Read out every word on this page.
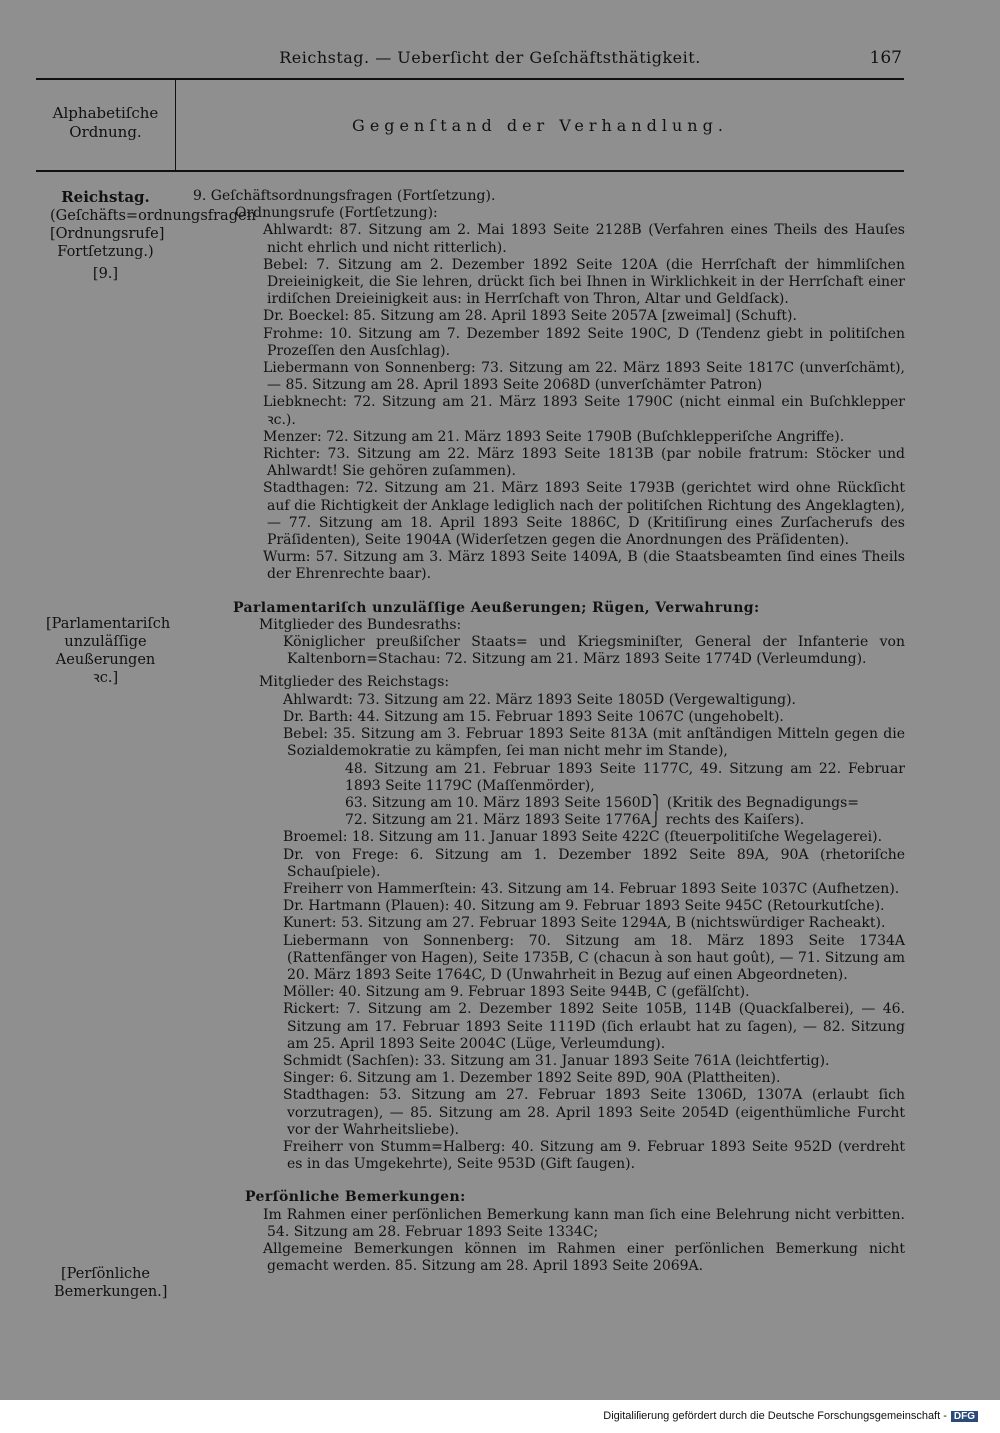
Reichstag. — Ueberſicht der Geſchäftsthätigkeit.	167
Alphabetiſche Ordnung.	Gegenſtand der Verhandlung.
Reichstag.
(Geſchäfts=ordnungsfragen [Ordnungsrufe] Fortſetzung.)
[9.]
[Parlamentariſch unzuläſſige Aeußerungen ꝛc.]
[Perſönliche Bemerkungen.]

9. Geſchäftsordnungsfragen (Fortſetzung).

Ordnungsrufe (Fortſetzung):

Ahlwardt: 87. Sitzung am 2. Mai 1893 Seite 2128B (Verfahren eines Theils des Hauſes nicht ehrlich und nicht ritterlich).

Bebel: 7. Sitzung am 2. Dezember 1892 Seite 120A (die Herrſchaft der himmliſchen Dreieinigkeit, die Sie lehren, drückt ſich bei Ihnen in Wirklichkeit in der Herrſchaft einer irdiſchen Dreieinigkeit aus: in Herrſchaft von Thron, Altar und Geldſack).

Dr. Boeckel: 85. Sitzung am 28. April 1893 Seite 2057A [zweimal] (Schuft).

Frohme: 10. Sitzung am 7. Dezember 1892 Seite 190C, D (Tendenz giebt in politiſchen Prozeſſen den Ausſchlag).

Liebermann von Sonnenberg: 73. Sitzung am 22. März 1893 Seite 1817C (unverſchämt), — 85. Sitzung am 28. April 1893 Seite 2068D (unverſchämter Patron)

Liebknecht: 72. Sitzung am 21. März 1893 Seite 1790C (nicht einmal ein Buſchklepper ꝛc.).

Menzer: 72. Sitzung am 21. März 1893 Seite 1790B (Buſchklepperiſche Angriffe).

Richter: 73. Sitzung am 22. März 1893 Seite 1813B (par nobile fratrum: Stöcker und Ahlwardt! Sie gehören zuſammen).

Stadthagen: 72. Sitzung am 21. März 1893 Seite 1793B (gerichtet wird ohne Rückſicht auf die Richtigkeit der Anklage lediglich nach der politiſchen Richtung des Angeklagten), — 77. Sitzung am 18. April 1893 Seite 1886C, D (Kritiſirung eines Zurſacherufs des Präſidenten), Seite 1904A (Widerſetzen gegen die Anordnungen des Präſidenten).

Wurm: 57. Sitzung am 3. März 1893 Seite 1409A, B (die Staatsbeamten ſind eines Theils der Ehrenrechte baar).

Parlamentariſch unzuläſſige Aeußerungen; Rügen, Verwahrung:

Mitglieder des Bundesraths:

Königlicher preußiſcher Staats= und Kriegsminiſter, General der Infanterie von Kaltenborn=Stachau: 72. Sitzung am 21. März 1893 Seite 1774D (Verleumdung).

Mitglieder des Reichstags:

Ahlwardt: 73. Sitzung am 22. März 1893 Seite 1805D (Vergewaltigung).

Dr. Barth: 44. Sitzung am 15. Februar 1893 Seite 1067C (ungehobelt).

Bebel: 35. Sitzung am 3. Februar 1893 Seite 813A (mit anſtändigen Mitteln gegen die Sozialdemokratie zu kämpfen, ſei man nicht mehr im Stande),

48. Sitzung am 21. Februar 1893 Seite 1177C, 49. Sitzung am 22. Februar 1893 Seite 1179C (Maſſenmörder),

63. Sitzung am 10. März 1893 Seite 1560D⎫ (Kritik des Begnadigungs=

72. Sitzung am 21. März 1893 Seite 1776A⎭ rechts des Kaiſers).

Broemel: 18. Sitzung am 11. Januar 1893 Seite 422C (ſteuerpolitiſche Wegelagerei).

Dr. von Frege: 6. Sitzung am 1. Dezember 1892 Seite 89A, 90A (rhetoriſche Schauſpiele).

Freiherr von Hammerſtein: 43. Sitzung am 14. Februar 1893 Seite 1037C (Aufhetzen).

Dr. Hartmann (Plauen): 40. Sitzung am 9. Februar 1893 Seite 945C (Retourkutſche).

Kunert: 53. Sitzung am 27. Februar 1893 Seite 1294A, B (nichtswürdiger Racheakt).

Liebermann von Sonnenberg: 70. Sitzung am 18. März 1893 Seite 1734A (Rattenfänger von Hagen), Seite 1735B, C (chacun à son haut goût), — 71. Sitzung am 20. März 1893 Seite 1764C, D (Unwahrheit in Bezug auf einen Abgeordneten).

Möller: 40. Sitzung am 9. Februar 1893 Seite 944B, C (gefälſcht).

Rickert: 7. Sitzung am 2. Dezember 1892 Seite 105B, 114B (Quackſalberei), — 46. Sitzung am 17. Februar 1893 Seite 1119D (ſich erlaubt hat zu ſagen), — 82. Sitzung am 25. April 1893 Seite 2004C (Lüge, Verleumdung).

Schmidt (Sachſen): 33. Sitzung am 31. Januar 1893 Seite 761A (leichtfertig).

Singer: 6. Sitzung am 1. Dezember 1892 Seite 89D, 90A (Plattheiten).

Stadthagen: 53. Sitzung am 27. Februar 1893 Seite 1306D, 1307A (erlaubt ſich vorzutragen), — 85. Sitzung am 28. April 1893 Seite 2054D (eigenthümliche Furcht vor der Wahrheitsliebe).

Freiherr von Stumm=Halberg: 40. Sitzung am 9. Februar 1893 Seite 952D (verdreht es in das Umgekehrte), Seite 953D (Gift ſaugen).

Perſönliche Bemerkungen:

Im Rahmen einer perſönlichen Bemerkung kann man ſich eine Belehrung nicht verbitten. 54. Sitzung am 28. Februar 1893 Seite 1334C;

Allgemeine Bemerkungen können im Rahmen einer perſönlichen Bemerkung nicht gemacht werden. 85. Sitzung am 28. April 1893 Seite 2069A.

Digitaliſierung gefördert durch die Deutsche Forschungsgemeinschaft - DFG
